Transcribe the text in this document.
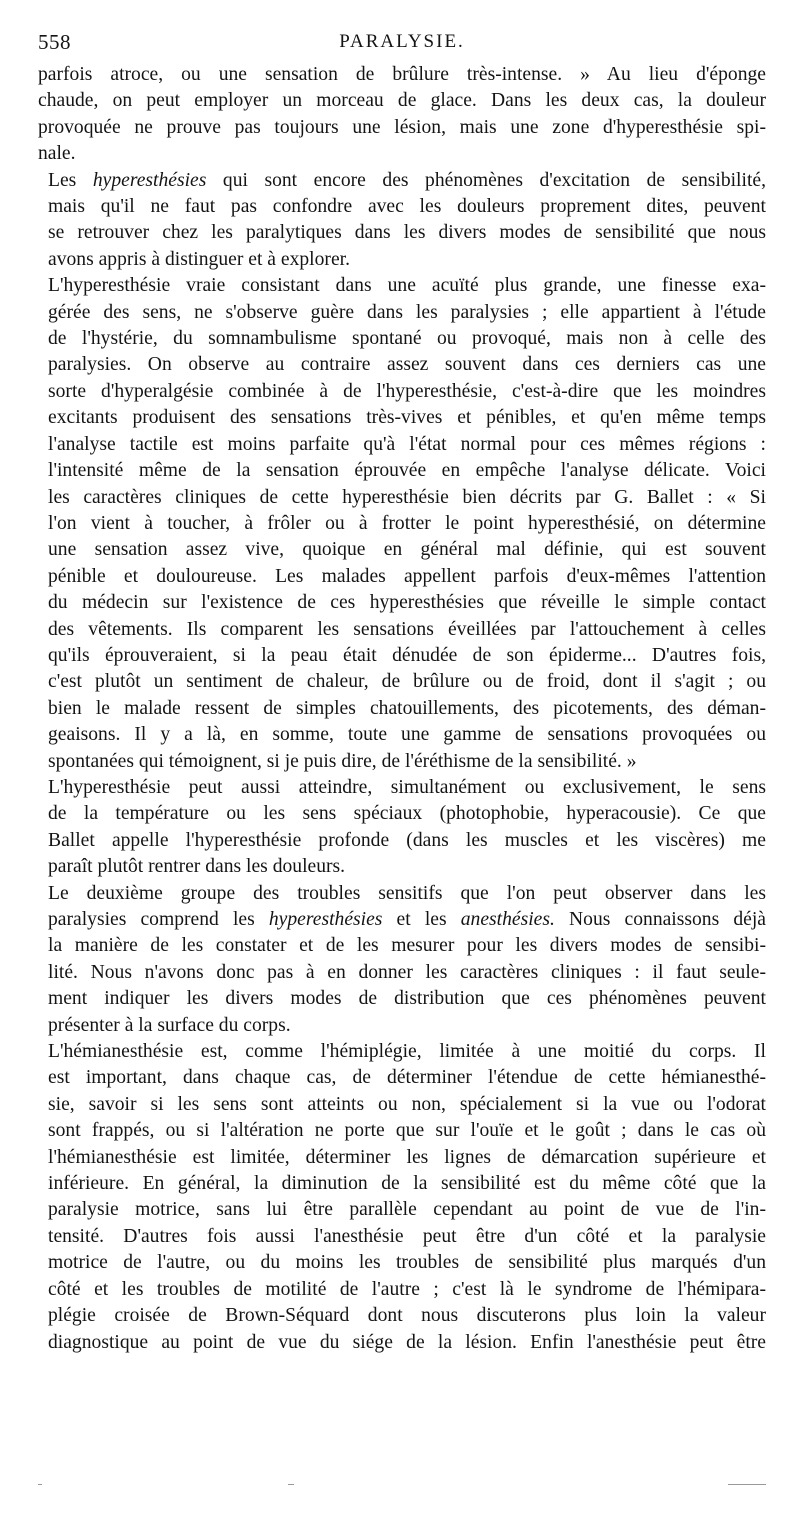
558	PARALYSIE.

parfois atroce, ou une sensation de brûlure très-intense. » Au lieu d'éponge
chaude, on peut employer un morceau de glace. Dans les deux cas, la douleur
provoquée ne prouve pas toujours une lésion, mais une zone d'hyperesthésie spi-
nale.

Les hyperesthésies qui sont encore des phénomènes d'excitation de sensibilité,
mais qu'il ne faut pas confondre avec les douleurs proprement dites, peuvent
se retrouver chez les paralytiques dans les divers modes de sensibilité que nous
avons appris à distinguer et à explorer.

L'hyperesthésie vraie consistant dans une acuïté plus grande, une finesse exa-
gérée des sens, ne s'observe guère dans les paralysies ; elle appartient à l'étude
de l'hystérie, du somnambulisme spontané ou provoqué, mais non à celle des
paralysies. On observe au contraire assez souvent dans ces derniers cas une
sorte d'hyperalgésie combinée à de l'hyperesthésie, c'est-à-dire que les moindres
excitants produisent des sensations très-vives et pénibles, et qu'en même temps
l'analyse tactile est moins parfaite qu'à l'état normal pour ces mêmes régions :
l'intensité même de la sensation éprouvée en empêche l'analyse délicate. Voici
les caractères cliniques de cette hyperesthésie bien décrits par G. Ballet : « Si
l'on vient à toucher, à frôler ou à frotter le point hyperesthésié, on détermine
une sensation assez vive, quoique en général mal définie, qui est souvent
pénible et douloureuse. Les malades appellent parfois d'eux-mêmes l'attention
du médecin sur l'existence de ces hyperesthésies que réveille le simple contact
des vêtements. Ils comparent les sensations éveillées par l'attouchement à celles
qu'ils éprouveraient, si la peau était dénudée de son épiderme... D'autres fois,
c'est plutôt un sentiment de chaleur, de brûlure ou de froid, dont il s'agit ; ou
bien le malade ressent de simples chatouillements, des picotements, des déman-
geaisons. Il y a là, en somme, toute une gamme de sensations provoquées ou
spontanées qui témoignent, si je puis dire, de l'éréthisme de la sensibilité. »

L'hyperesthésie peut aussi atteindre, simultanément ou exclusivement, le sens
de la température ou les sens spéciaux (photophobie, hyperacousie). Ce que
Ballet appelle l'hyperesthésie profonde (dans les muscles et les viscères) me
paraît plutôt rentrer dans les douleurs.

Le deuxième groupe des troubles sensitifs que l'on peut observer dans les
paralysies comprend les hyperesthésies et les anesthésies. Nous connaissons déjà
la manière de les constater et de les mesurer pour les divers modes de sensibi-
lité. Nous n'avons donc pas à en donner les caractères cliniques : il faut seule-
ment indiquer les divers modes de distribution que ces phénomènes peuvent
présenter à la surface du corps.

L'hémianesthésie est, comme l'hémiplégie, limitée à une moitié du corps. Il
est important, dans chaque cas, de déterminer l'étendue de cette hémianesthé-
sie, savoir si les sens sont atteints ou non, spécialement si la vue ou l'odorat
sont frappés, ou si l'altération ne porte que sur l'ouïe et le goût ; dans le cas où
l'hémianesthésie est limitée, déterminer les lignes de démarcation supérieure et
inférieure. En général, la diminution de la sensibilité est du même côté que la
paralysie motrice, sans lui être parallèle cependant au point de vue de l'in-
tensité. D'autres fois aussi l'anesthésie peut être d'un côté et la paralysie
motrice de l'autre, ou du moins les troubles de sensibilité plus marqués d'un
côté et les troubles de motilité de l'autre ; c'est là le syndrome de l'hémipara-
plégie croisée de Brown-Séquard dont nous discuterons plus loin la valeur
diagnostique au point de vue du siége de la lésion. Enfin l'anesthésie peut être
